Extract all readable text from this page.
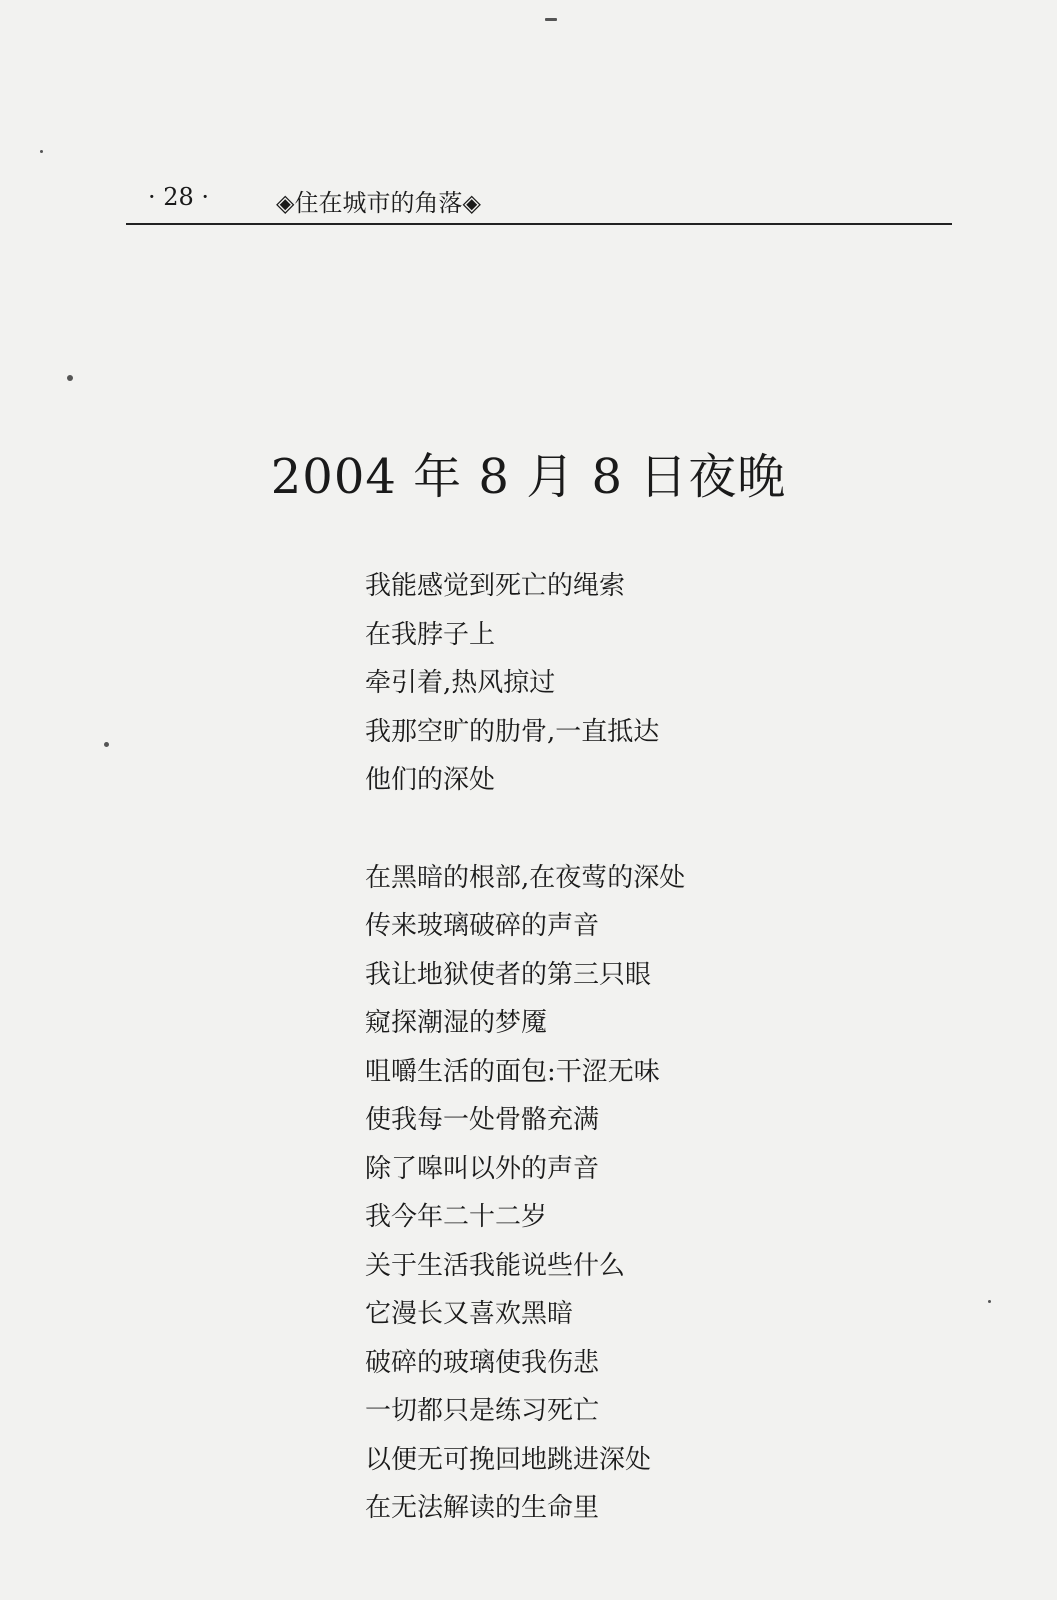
· 28 ·	◈住在城市的角落◈
2004 年 8 月 8 日夜晚
我能感觉到死亡的绳索
在我脖子上
牵引着,热风掠过
我那空旷的肋骨,一直抵达
他们的深处
在黑暗的根部,在夜莺的深处
传来玻璃破碎的声音
我让地狱使者的第三只眼
窥探潮湿的梦魇
咀嚼生活的面包:干涩无味
使我每一处骨骼充满
除了嗥叫以外的声音
我今年二十二岁
关于生活我能说些什么
它漫长又喜欢黑暗
破碎的玻璃使我伤悲
一切都只是练习死亡
以便无可挽回地跳进深处
在无法解读的生命里
